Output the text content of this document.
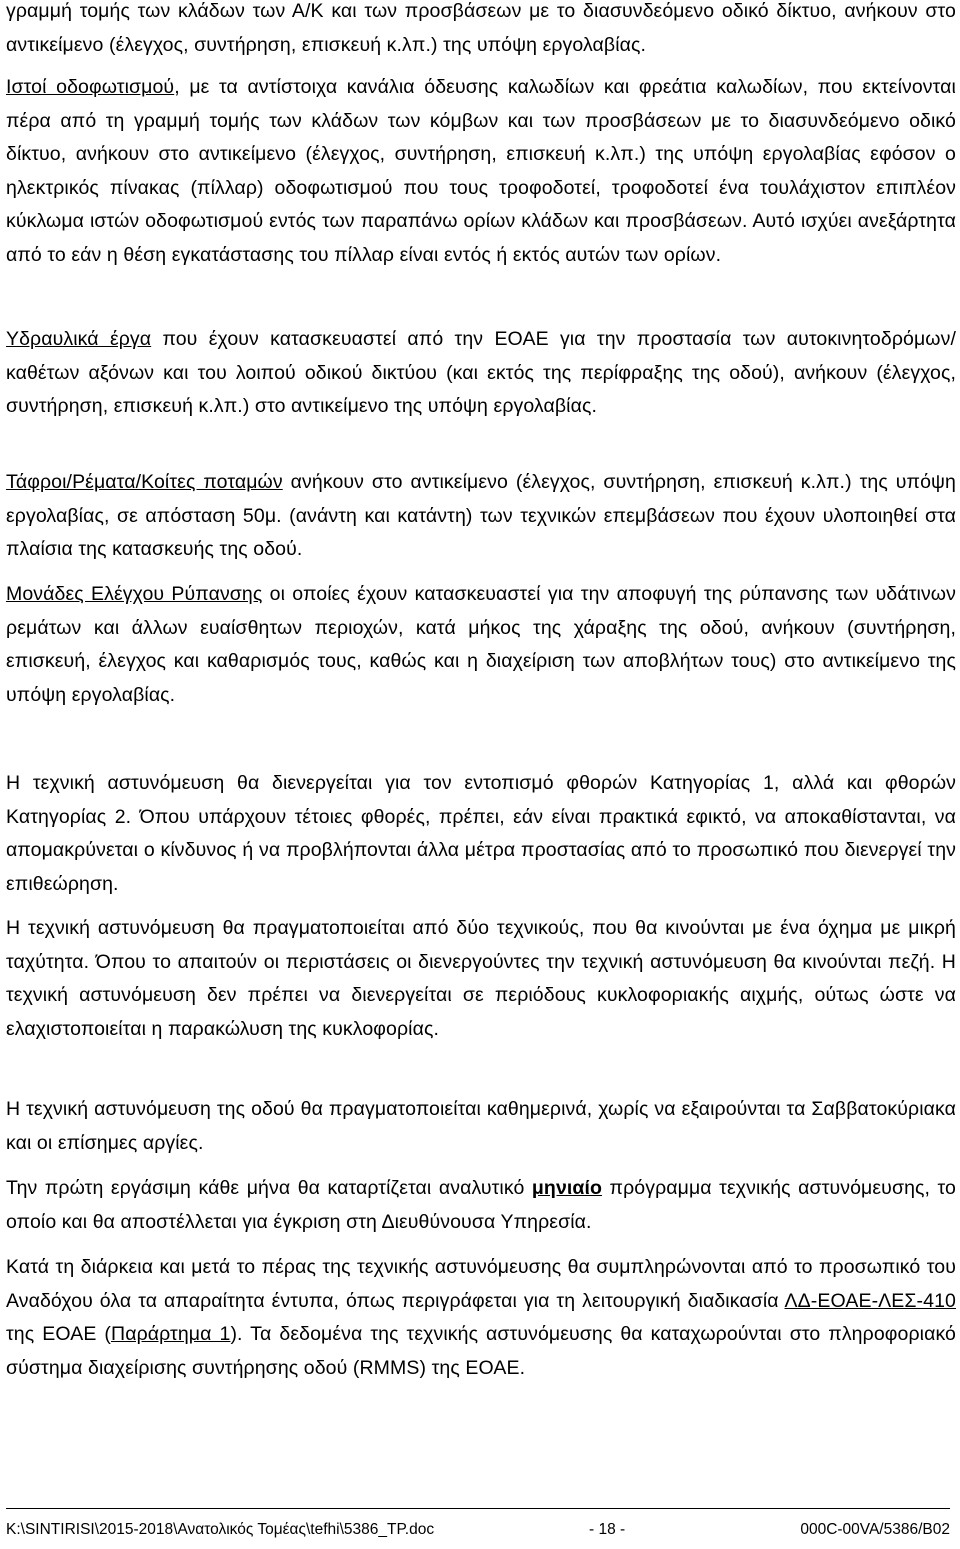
γραμμή τομής των κλάδων των Α/Κ και των προσβάσεων με το διασυνδεόμενο οδικό δίκτυο, ανήκουν στο αντικείμενο (έλεγχος, συντήρηση, επισκευή κ.λπ.) της υπόψη εργολαβίας.

Ιστοί οδοφωτισμού, με τα αντίστοιχα κανάλια όδευσης καλωδίων και φρεάτια καλωδίων, που εκτείνονται πέρα από τη γραμμή τομής των κλάδων των κόμβων και των προσβάσεων με το διασυνδεόμενο οδικό δίκτυο, ανήκουν στο αντικείμενο (έλεγχος, συντήρηση, επισκευή κ.λπ.) της υπόψη εργολαβίας εφόσον ο ηλεκτρικός πίνακας (πίλλαρ) οδοφωτισμού που τους τροφοδοτεί, τροφοδοτεί ένα τουλάχιστον επιπλέον κύκλωμα ιστών οδοφωτισμού εντός των παραπάνω ορίων κλάδων και προσβάσεων. Αυτό ισχύει ανεξάρτητα από το εάν η θέση εγκατάστασης του πίλλαρ είναι εντός ή εκτός αυτών των ορίων.

Υδραυλικά έργα που έχουν κατασκευαστεί από την ΕΟΑΕ για την προστασία των αυτοκινητοδρόμων/καθέτων αξόνων και του λοιπού οδικού δικτύου (και εκτός της περίφραξης της οδού), ανήκουν (έλεγχος, συντήρηση, επισκευή κ.λπ.) στο αντικείμενο της υπόψη εργολαβίας.

Τάφροι/Ρέματα/Κοίτες ποταμών ανήκουν στο αντικείμενο (έλεγχος, συντήρηση, επισκευή κ.λπ.) της υπόψη εργολαβίας, σε απόσταση 50μ. (ανάντη και κατάντη) των τεχνικών επεμβάσεων που έχουν υλοποιηθεί στα πλαίσια της κατασκευής της οδού.

Μονάδες Ελέγχου Ρύπανσης οι οποίες έχουν κατασκευαστεί για την αποφυγή της ρύπανσης των υδάτινων ρεμάτων και άλλων ευαίσθητων περιοχών, κατά μήκος της χάραξης της οδού, ανήκουν (συντήρηση, επισκευή, έλεγχος και καθαρισμός τους, καθώς και η διαχείριση των αποβλήτων τους) στο αντικείμενο της υπόψη εργολαβίας.

Η τεχνική αστυνόμευση θα διενεργείται για τον εντοπισμό φθορών Κατηγορίας 1, αλλά και φθορών Κατηγορίας 2. Όπου υπάρχουν τέτοιες φθορές, πρέπει, εάν είναι πρακτικά εφικτό, να αποκαθίστανται, να απομακρύνεται ο κίνδυνος ή να προβλήπονται άλλα μέτρα προστασίας από το προσωπικό που διενεργεί την επιθεώρηση.

Η τεχνική αστυνόμευση θα πραγματοποιείται από δύο τεχνικούς, που θα κινούνται με ένα όχημα με μικρή ταχύτητα. Όπου το απαιτούν οι περιστάσεις οι διενεργούντες την τεχνική αστυνόμευση θα κινούνται πεζή. Η τεχνική αστυνόμευση δεν πρέπει να διενεργείται σε περιόδους κυκλοφοριακής αιχμής, ούτως ώστε να ελαχιστοποιείται η παρακώλυση της κυκλοφορίας.

Η τεχνική αστυνόμευση της οδού θα πραγματοποιείται καθημερινά, χωρίς να εξαιρούνται τα Σαββατοκύριακα και οι επίσημες αργίες.

Την πρώτη εργάσιμη κάθε μήνα θα καταρτίζεται αναλυτικό μηνιαίο πρόγραμμα τεχνικής αστυνόμευσης, το οποίο και θα αποστέλλεται για έγκριση στη Διευθύνουσα Υπηρεσία.

Κατά τη διάρκεια και μετά το πέρας της τεχνικής αστυνόμευσης θα συμπληρώνονται από το προσωπικό του Αναδόχου όλα τα απαραίτητα έντυπα, όπως περιγράφεται για τη λειτουργική διαδικασία ΛΔ-ΕΟΑΕ-ΛΕΣ-410 της ΕΟΑΕ (Παράρτημα 1). Τα δεδομένα της τεχνικής αστυνόμευσης θα καταχωρούνται στο πληροφοριακό σύστημα διαχείρισης συντήρησης οδού (RMMS) της ΕΟΑΕ.

K:\SINTIRISI\2015-2018\Ανατολικός Τομέας\tefhi\5386_TP.doc	- 18 -	000C-00VA/5386/B02
